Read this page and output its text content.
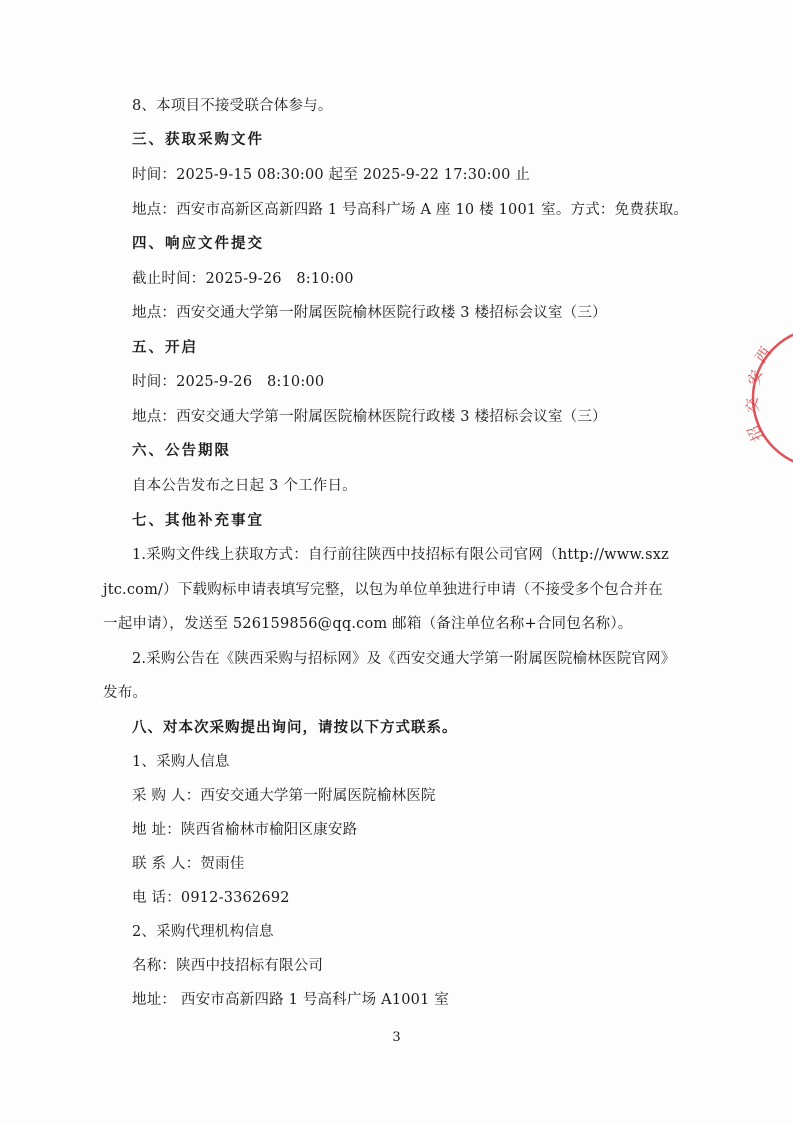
8、本项目不接受联合体参与。
三、获取采购文件
时间：2025-9-15 08:30:00 起至 2025-9-22 17:30:00 止
地点：西安市高新区高新四路 1 号高科广场 A 座 10 楼 1001 室。方式：免费获取。
四、响应文件提交
截止时间：2025-9-26　8:10:00
地点：西安交通大学第一附属医院榆林医院行政楼 3 楼招标会议室（三）
五、开启
时间：2025-9-26　8:10:00
地点：西安交通大学第一附属医院榆林医院行政楼 3 楼招标会议室（三）
六、公告期限
自本公告发布之日起 3 个工作日。
七、其他补充事宜
1.采购文件线上获取方式：自行前往陕西中技招标有限公司官网（http://www.sxz
jtc.com/）下载购标申请表填写完整，以包为单位单独进行申请（不接受多个包合并在
一起申请），发送至 526159856@qq.com 邮箱（备注单位名称+合同包名称）。
2.采购公告在《陕西采购与招标网》及《西安交通大学第一附属医院榆林医院官网》
发布。
八、对本次采购提出询问，请按以下方式联系。
1、采购人信息
采 购 人：西安交通大学第一附属医院榆林医院
地 址：陕西省榆林市榆阳区康安路
联 系 人：贺雨佳
电 话：0912-3362692
2、采购代理机构信息
名称：陕西中技招标有限公司
地址： 西安市高新四路 1 号高科广场 A1001 室
3
西
安
交
招
